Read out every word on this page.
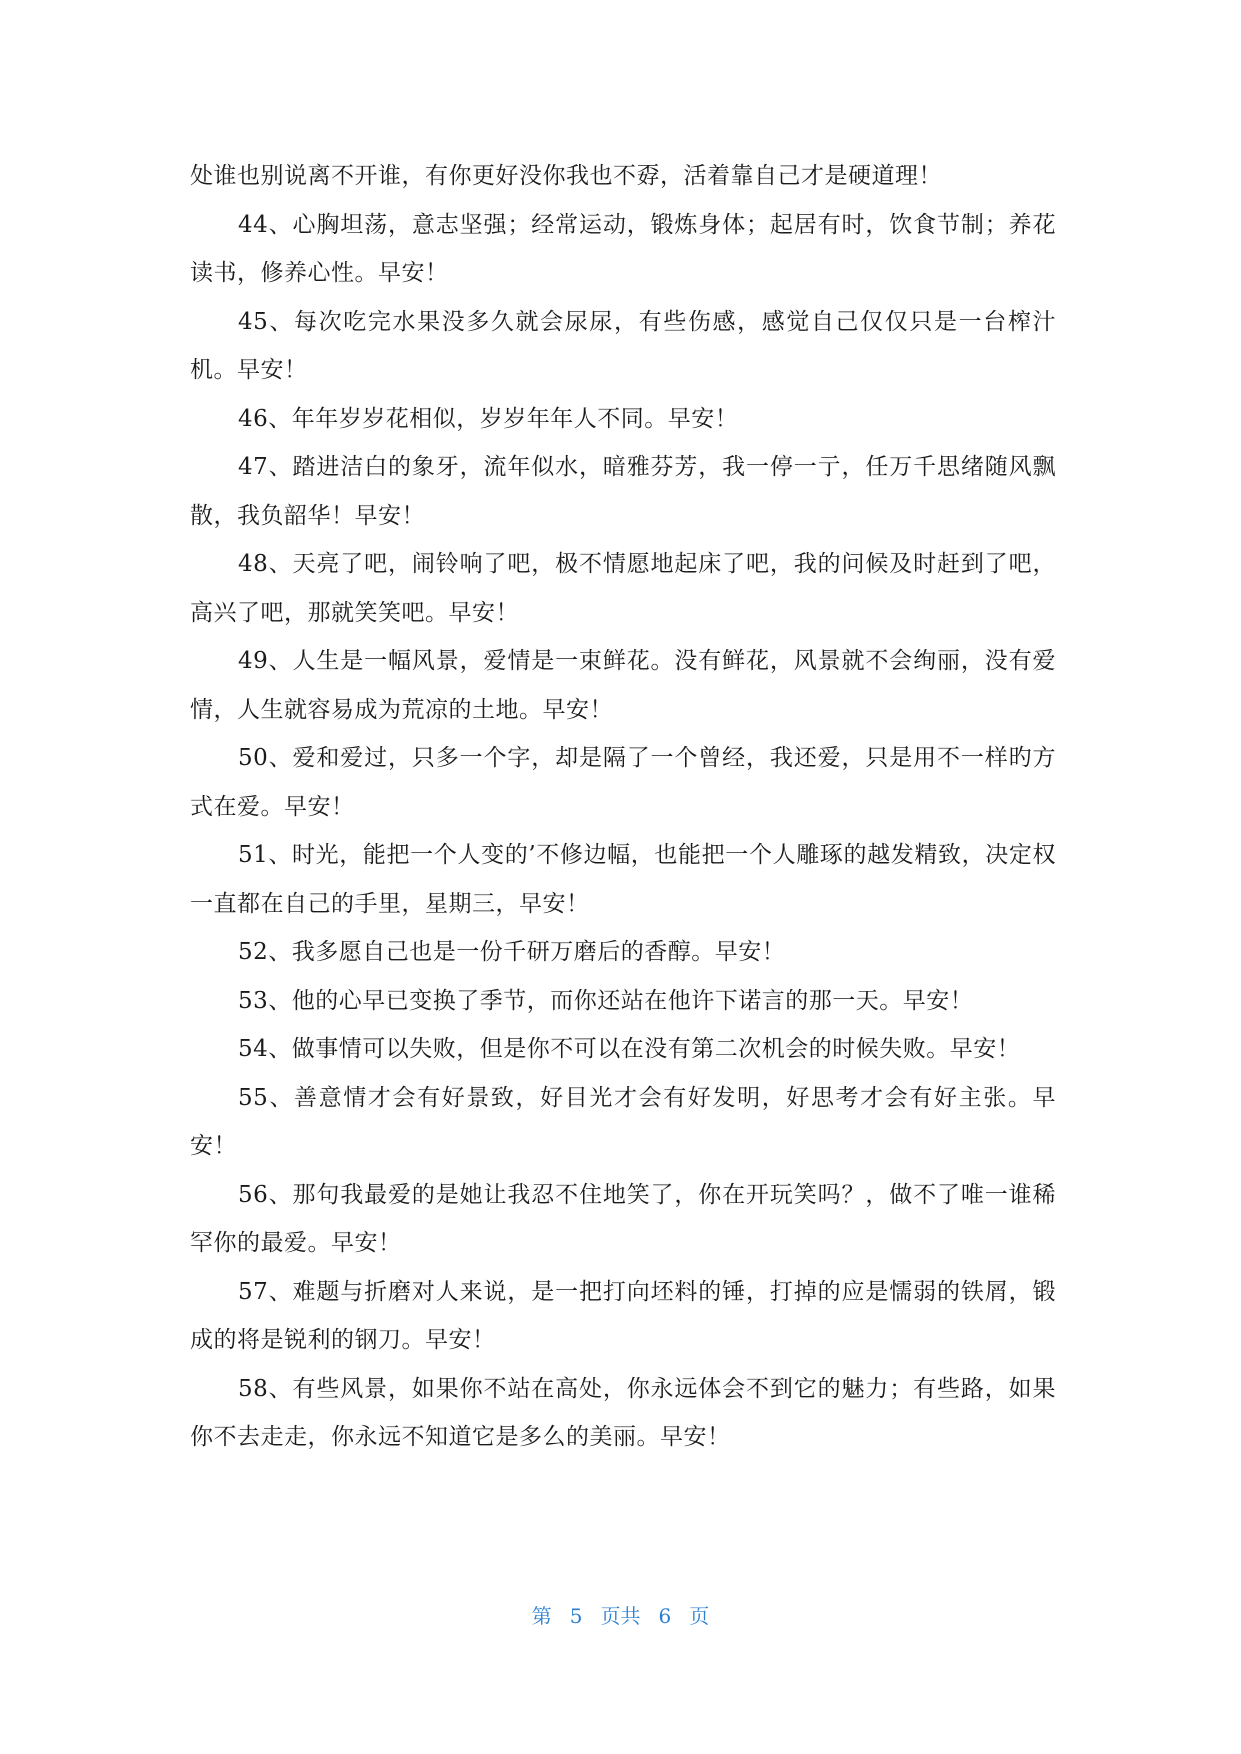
处谁也别说离不开谁，有你更好没你我也不孬，活着靠自己才是硬道理！

44、心胸坦荡，意志坚强；经常运动，锻炼身体；起居有时，饮食节制；养花读书，修养心性。早安！

45、每次吃完水果没多久就会尿尿，有些伤感，感觉自己仅仅只是一台榨汁机。早安！

46、年年岁岁花相似，岁岁年年人不同。早安！

47、踏进洁白的象牙，流年似水，暗雅芬芳，我一停一亍，任万千思绪随风飘散，我负韶华！早安！

48、天亮了吧，闹铃响了吧，极不情愿地起床了吧，我的问候及时赶到了吧，高兴了吧，那就笑笑吧。早安！

49、人生是一幅风景，爱情是一束鲜花。没有鲜花，风景就不会绚丽，没有爱情，人生就容易成为荒凉的土地。早安！

50、爱和爱过，只多一个字，却是隔了一个曾经，我还爱，只是用不一样旳方式在爱。早安！

51、时光，能把一个人变的’不修边幅，也能把一个人雕琢的越发精致，决定权一直都在自己的手里，星期三，早安！

52、我多愿自己也是一份千研万磨后的香醇。早安！

53、他的心早已变换了季节，而你还站在他许下诺言的那一天。早安！

54、做事情可以失败，但是你不可以在没有第二次机会的时候失败。早安！

55、善意情才会有好景致，好目光才会有好发明，好思考才会有好主张。早安！

56、那句我最爱的是她让我忍不住地笑了，你在开玩笑吗？，做不了唯一谁稀罕你的最爱。早安！

57、难题与折磨对人来说，是一把打向坯料的锤，打掉的应是懦弱的铁屑，锻成的将是锐利的钢刀。早安！

58、有些风景，如果你不站在高处，你永远体会不到它的魅力；有些路，如果你不去走走，你永远不知道它是多么的美丽。早安！

第 5 页共 6 页
